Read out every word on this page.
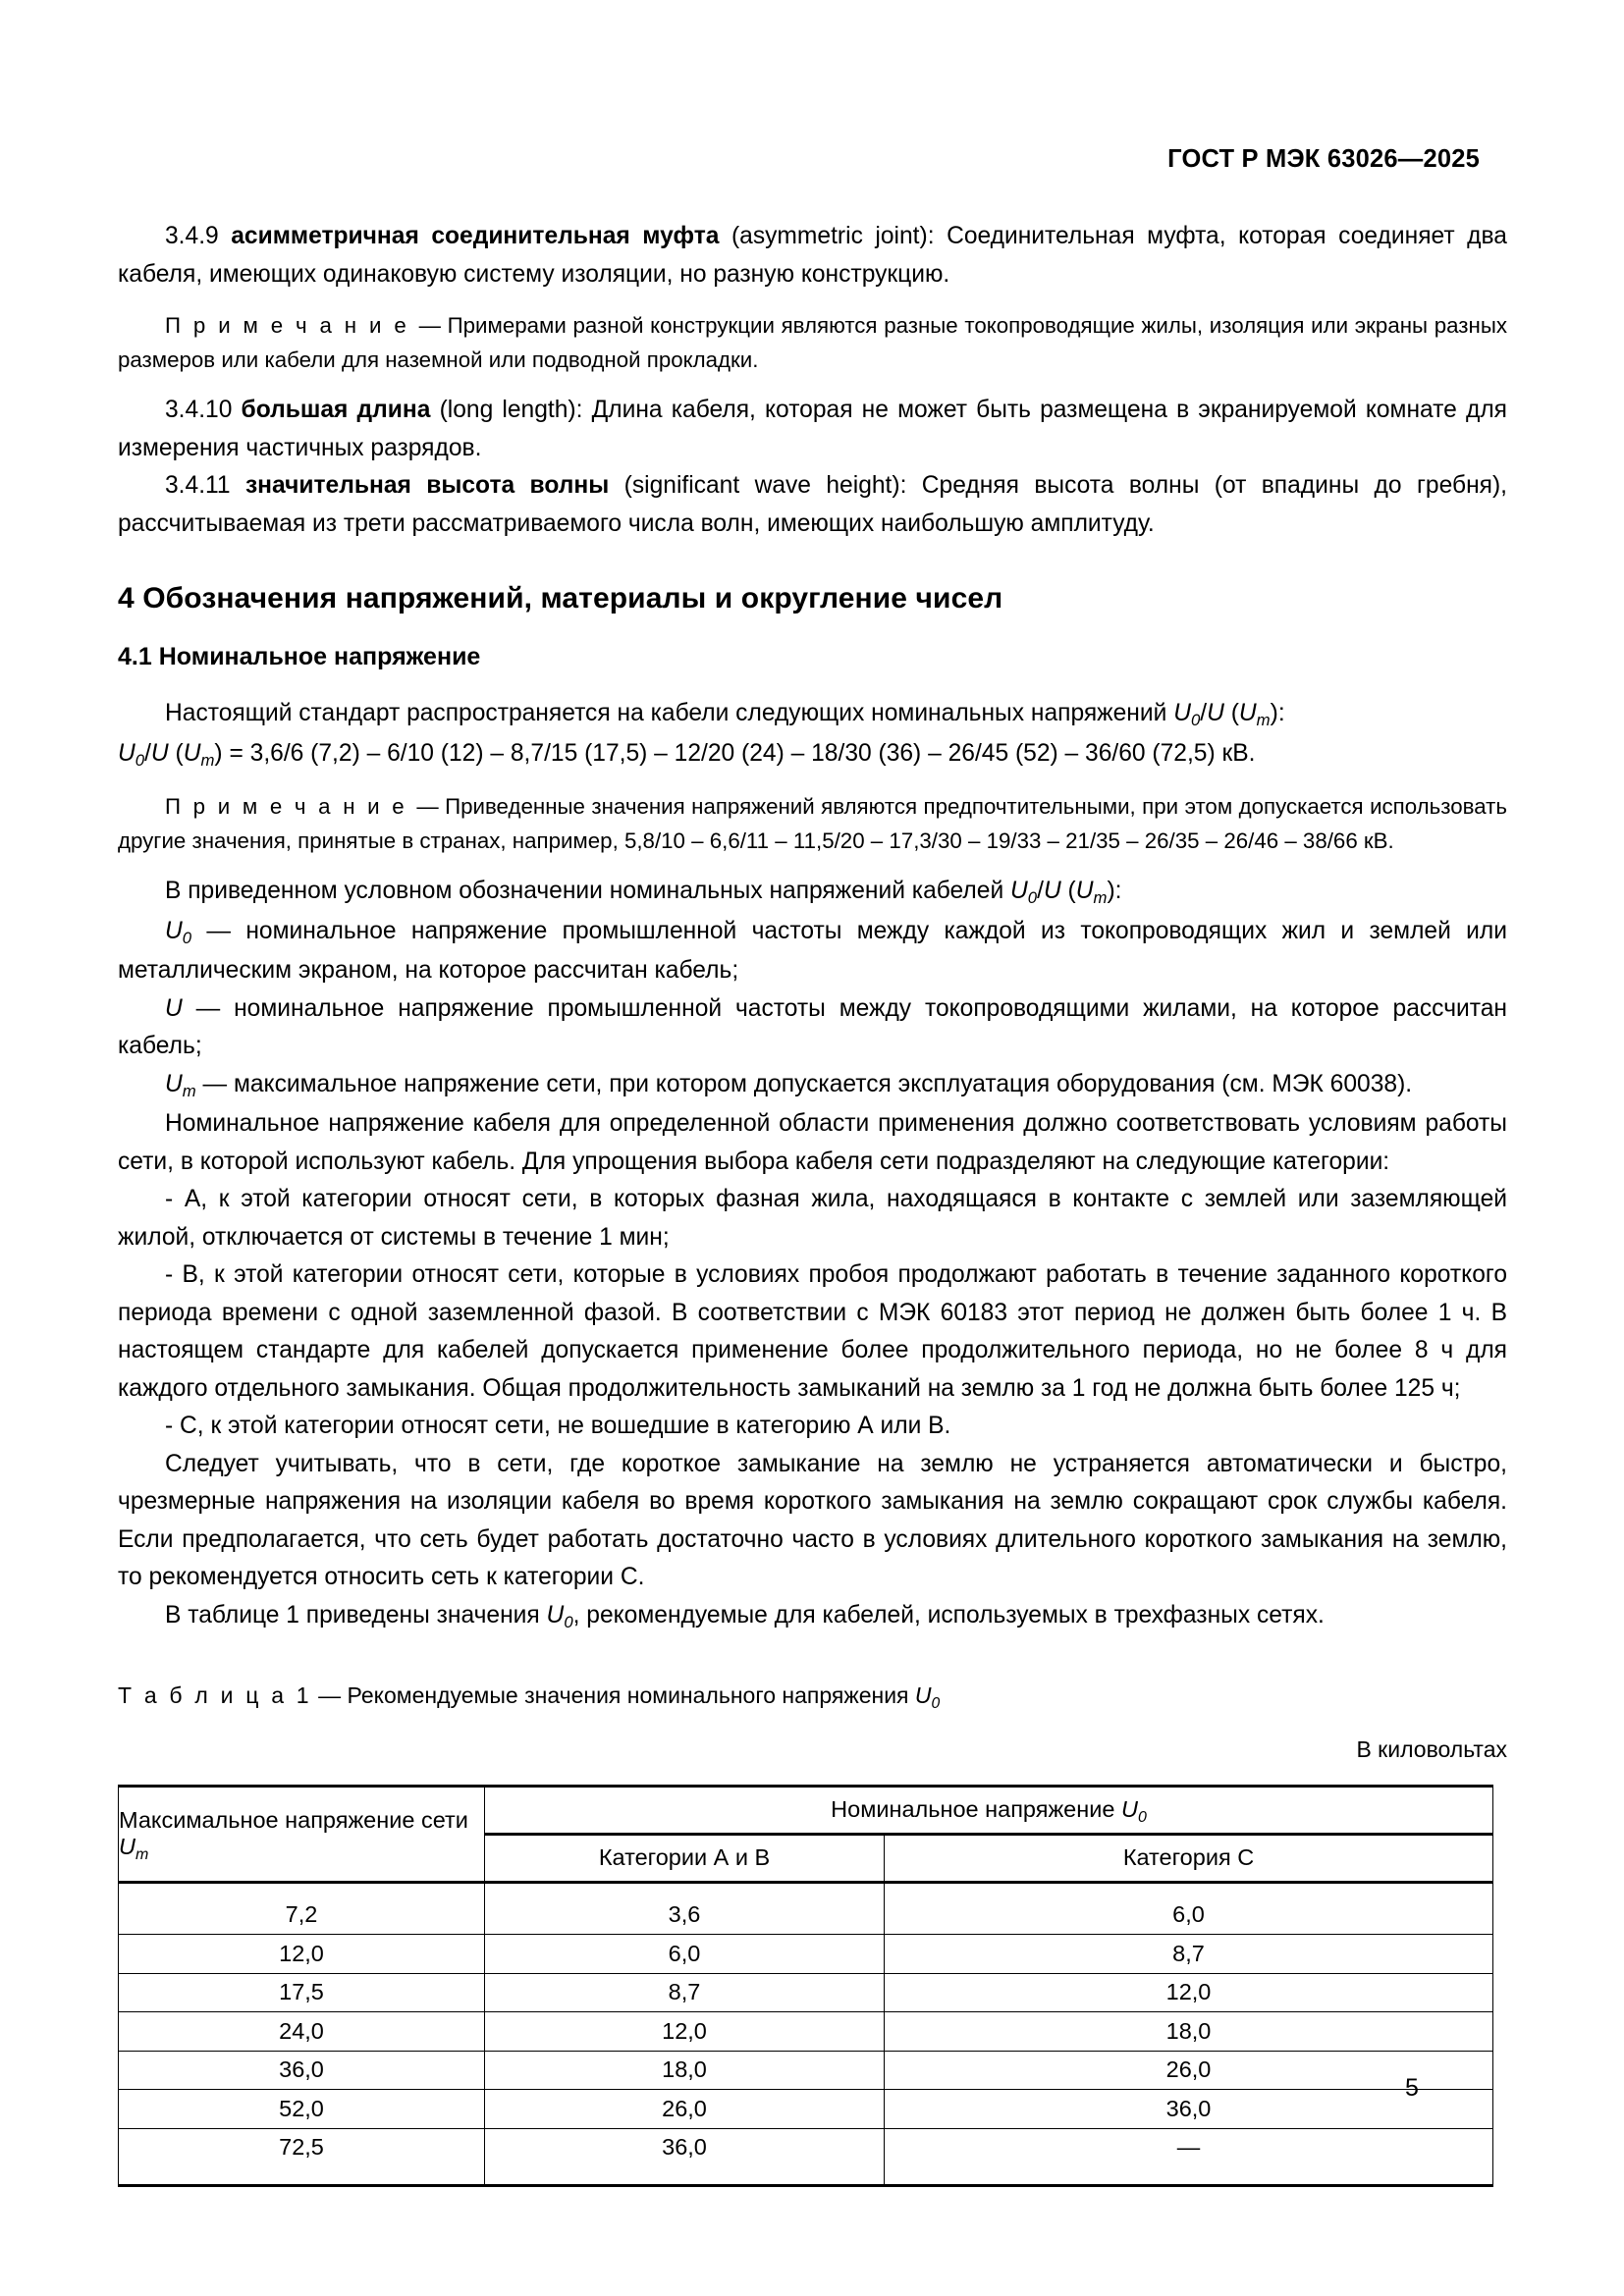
ГОСТ Р МЭК 63026—2025

3.4.9 асимметричная соединительная муфта (asymmetric joint): Соединительная муфта, которая соединяет два кабеля, имеющих одинаковую систему изоляции, но разную конструкцию.

П р и м е ч а н и е — Примерами разной конструкции являются разные токопроводящие жилы, изоляция или экраны разных размеров или кабели для наземной или подводной прокладки.

3.4.10 большая длина (long length): Длина кабеля, которая не может быть размещена в экранируемой комнате для измерения частичных разрядов.

3.4.11 значительная высота волны (significant wave height): Средняя высота волны (от впадины до гребня), рассчитываемая из трети рассматриваемого числа волн, имеющих наибольшую амплитуду.

4 Обозначения напряжений, материалы и округление чисел
4.1 Номинальное напряжение

Настоящий стандарт распространяется на кабели следующих номинальных напряжений $U_0/U$ $(U_m)$:

$U_0/U$ $(U_m) = 3,6/6$ (7,2) – 6/10 (12) – 8,7/15 (17,5) – 12/20 (24) – 18/30 (36) – 26/45 (52) – 36/60 (72,5) кВ.

П р и м е ч а н и е — Приведенные значения напряжений являются предпочтительными, при этом допускается использовать другие значения, принятые в странах, например, 5,8/10 – 6,6/11 – 11,5/20 – 17,3/30 – 19/33 – 21/35 – 26/35 – 26/46 – 38/66 кВ.

В приведенном условном обозначении номинальных напряжений кабелей $U_0/U$ $(U_m)$:

$U_0$ — номинальное напряжение промышленной частоты между каждой из токопроводящих жил и землей или металлическим экраном, на которое рассчитан кабель;

U — номинальное напряжение промышленной частоты между токопроводящими жилами, на которое рассчитан кабель;

$U_m$ — максимальное напряжение сети, при котором допускается эксплуатация оборудования (см. МЭК 60038).

Номинальное напряжение кабеля для определенной области применения должно соответствовать условиям работы сети, в которой используют кабель. Для упрощения выбора кабеля сети подразделяют на следующие категории:

- А, к этой категории относят сети, в которых фазная жила, находящаяся в контакте с землей или заземляющей жилой, отключается от системы в течение 1 мин;

- В, к этой категории относят сети, которые в условиях пробоя продолжают работать в течение заданного короткого периода времени с одной заземленной фазой. В соответствии с МЭК 60183 этот период не должен быть более 1 ч. В настоящем стандарте для кабелей допускается применение более продолжительного периода, но не более 8 ч для каждого отдельного замыкания. Общая продолжительность замыканий на землю за 1 год не должна быть более 125 ч;

- С, к этой категории относят сети, не вошедшие в категорию А или В.

Следует учитывать, что в сети, где короткое замыкание на землю не устраняется автоматически и быстро, чрезмерные напряжения на изоляции кабеля во время короткого замыкания на землю сокращают срок службы кабеля. Если предполагается, что сеть будет работать достаточно часто в условиях длительного короткого замыкания на землю, то рекомендуется относить сеть к категории С.

В таблице 1 приведены значения $U_0$, рекомендуемые для кабелей, используемых в трехфазных сетях.

Т а б л и ц а 1 — Рекомендуемые значения номинального напряжения $U_0$

В киловольтах

Максимальное напряжение сети $U_m$	Номинальное напряжение $U_0$
	Категории А и В	Категория С
7,2	3,6	6,0
12,0	6,0	8,7
17,5	8,7	12,0
24,0	12,0	18,0
36,0	18,0	26,0
52,0	26,0	36,0
72,5	36,0	—
5
